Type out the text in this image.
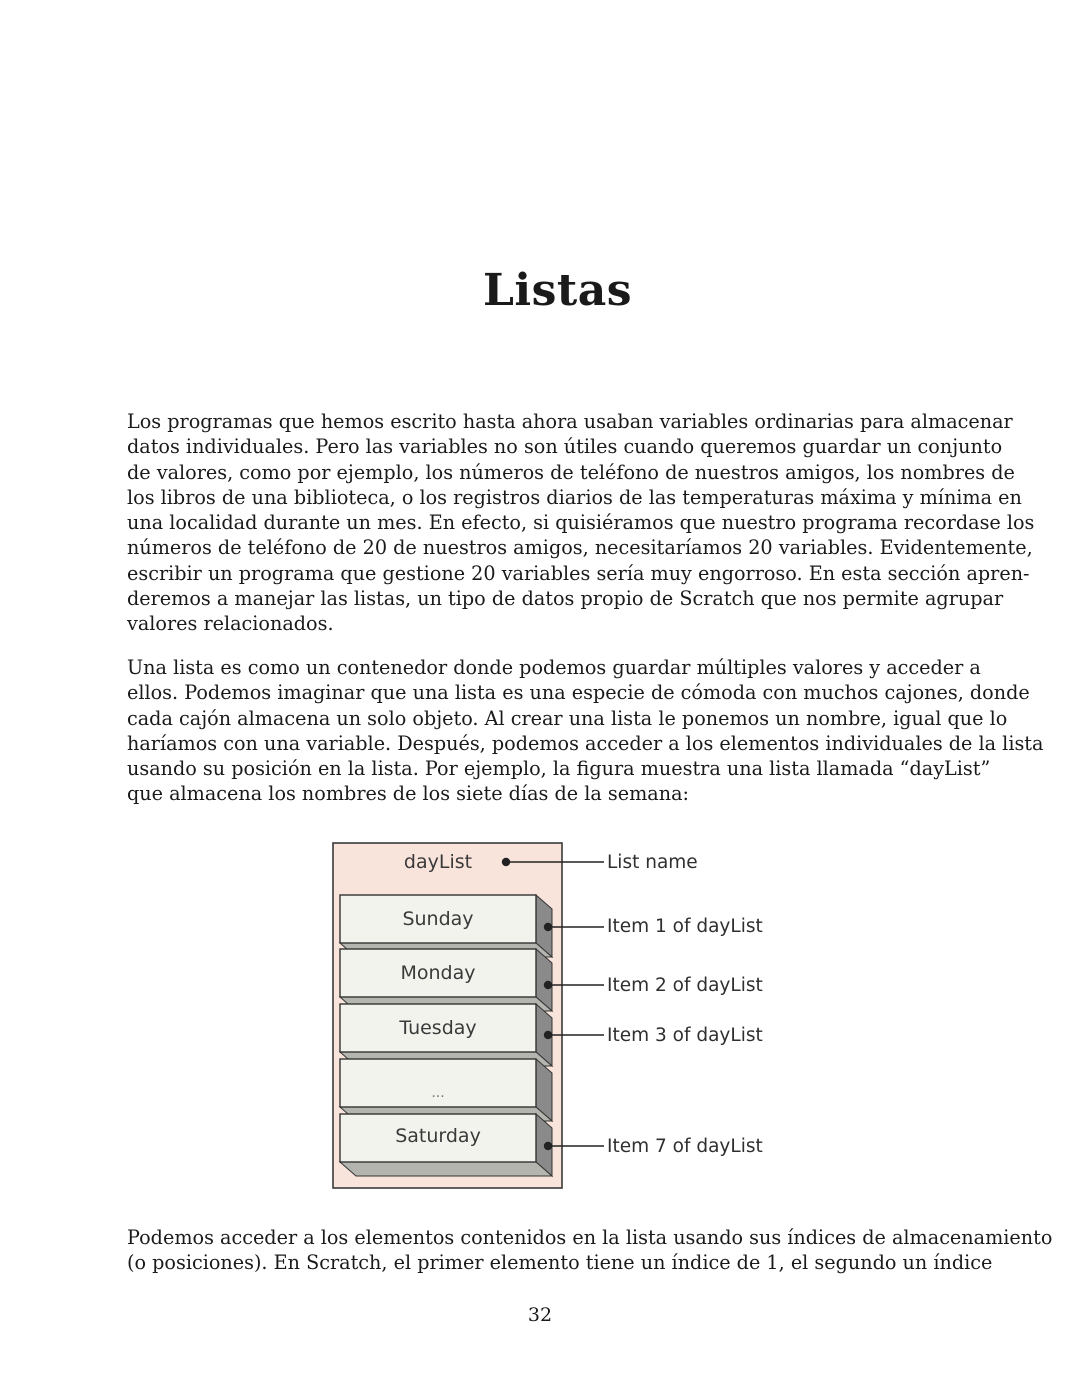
Listas
Los programas que hemos escrito hasta ahora usaban variables ordinarias para almacenar
datos individuales. Pero las variables no son útiles cuando queremos guardar un conjunto
de valores, como por ejemplo, los números de teléfono de nuestros amigos, los nombres de
los libros de una biblioteca, o los registros diarios de las temperaturas máxima y mínima en
una localidad durante un mes. En efecto, si quisiéramos que nuestro programa recordase los
números de teléfono de 20 de nuestros amigos, necesitaríamos 20 variables. Evidentemente,
escribir un programa que gestione 20 variables sería muy engorroso. En esta sección apren-
deremos a manejar las listas, un tipo de datos propio de Scratch que nos permite agrupar
valores relacionados.
Una lista es como un contenedor donde podemos guardar múltiples valores y acceder a
ellos. Podemos imaginar que una lista es una especie de cómoda con muchos cajones, donde
cada cajón almacena un solo objeto. Al crear una lista le ponemos un nombre, igual que lo
haríamos con una variable. Después, podemos acceder a los elementos individuales de la lista
usando su posición en la lista. Por ejemplo, la figura muestra una lista llamada “dayList”
que almacena los nombres de los siete días de la semana:
dayList	List name
Sunday
Monday
Tuesday
...
Saturday
Item 1 of dayList
Item 2 of dayList
Item 3 of dayList
Item 7 of dayList
Podemos acceder a los elementos contenidos en la lista usando sus índices de almacenamiento
(o posiciones). En Scratch, el primer elemento tiene un índice de 1, el segundo un índice

32
